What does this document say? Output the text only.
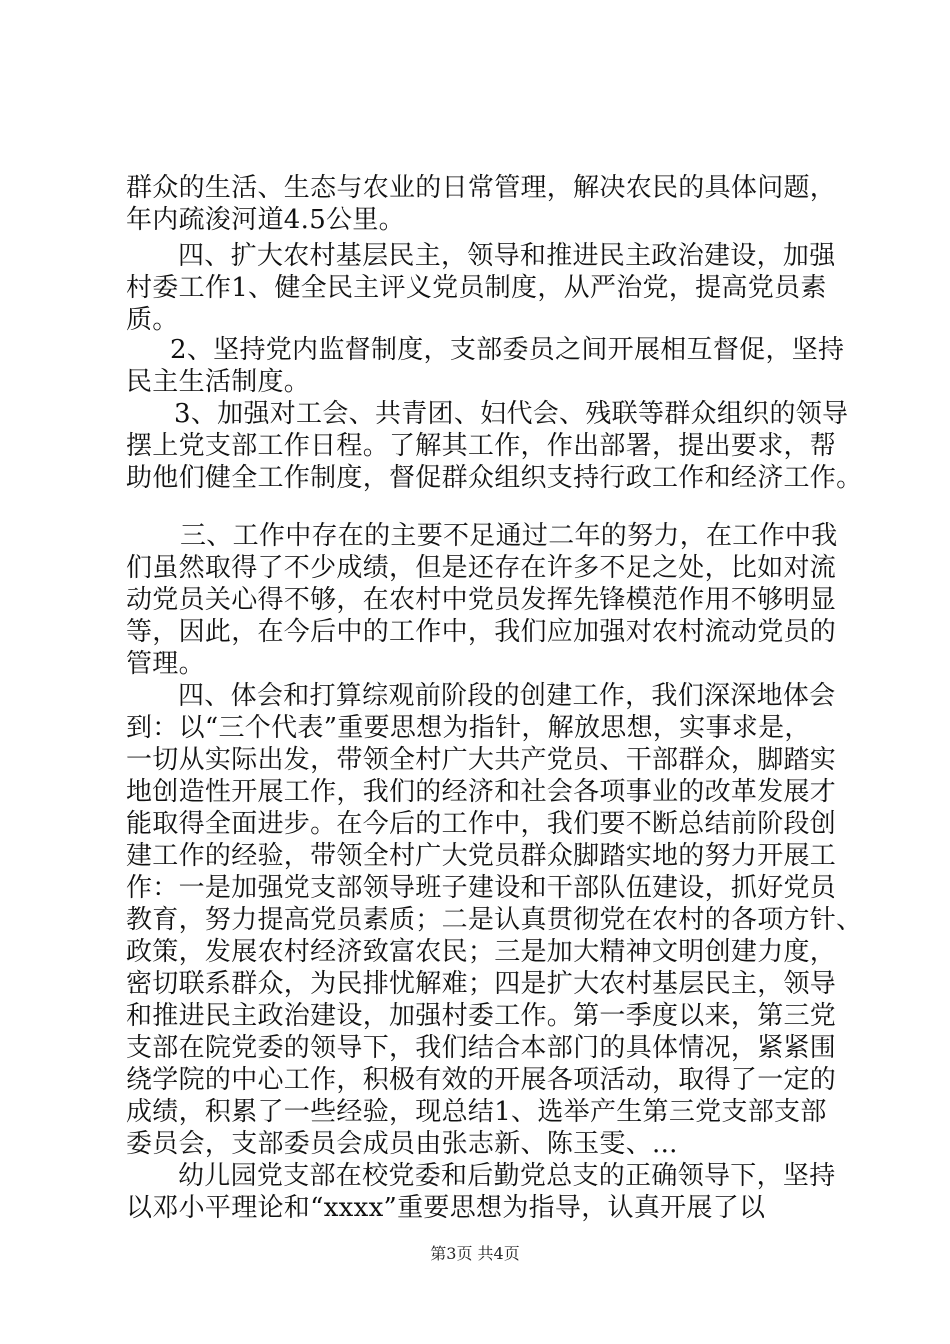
群众的生活、生态与农业的日常管理，解决农民的具体问题，
年内疏浚河道4.5公里。
四、扩大农村基层民主，领导和推进民主政治建设，加强
村委工作1、健全民主评义党员制度，从严治党，提高党员素
质。
2、坚持党内监督制度，支部委员之间开展相互督促，坚持
民主生活制度。
3、加强对工会、共青团、妇代会、残联等群众组织的领导
摆上党支部工作日程。了解其工作，作出部署，提出要求，帮
助他们健全工作制度，督促群众组织支持行政工作和经济工作。
三、工作中存在的主要不足通过二年的努力，在工作中我
们虽然取得了不少成绩，但是还存在许多不足之处，比如对流
动党员关心得不够，在农村中党员发挥先锋模范作用不够明显
等，因此，在今后中的工作中，我们应加强对农村流动党员的
管理。
四、体会和打算综观前阶段的创建工作，我们深深地体会
到：以“三个代表”重要思想为指针，解放思想，实事求是，
一切从实际出发，带领全村广大共产党员、干部群众，脚踏实
地创造性开展工作，我们的经济和社会各项事业的改革发展才
能取得全面进步。在今后的工作中，我们要不断总结前阶段创
建工作的经验，带领全村广大党员群众脚踏实地的努力开展工
作：一是加强党支部领导班子建设和干部队伍建设，抓好党员
教育，努力提高党员素质；二是认真贯彻党在农村的各项方针、
政策，发展农村经济致富农民；三是加大精神文明创建力度，
密切联系群众，为民排忧解难；四是扩大农村基层民主，领导
和推进民主政治建设，加强村委工作。第一季度以来，第三党
支部在院党委的领导下，我们结合本部门的具体情况，紧紧围
绕学院的中心工作，积极有效的开展各项活动，取得了一定的
成绩，积累了一些经验，现总结1、选举产生第三党支部支部
委员会，支部委员会成员由张志新、陈玉雯、...
幼儿园党支部在校党委和后勤党总支的正确领导下，坚持
以邓小平理论和“xxxx”重要思想为指导，认真开展了以
第3页 共4页
